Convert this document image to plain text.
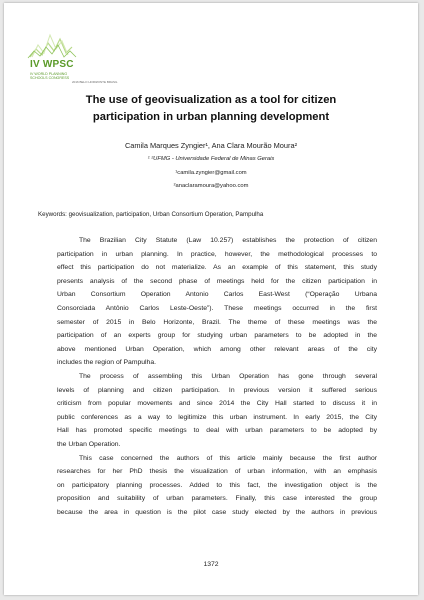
IV WPSC
IV WORLD PLANNING SCHOOLS CONGRESS
2016 BELO HORIZONTE BRASIL
The use of geovisualization as a tool for citizen
participation in urban planning development
Camila Marques Zyngier¹, Ana Clara Mourão Moura²
¹ ²UFMG - Universidade Federal de Minas Gerais
¹camila.zyngier@gmail.com
²anaclaramoura@yahoo.com
Keywords: geovisualization, participation, Urban Consortium Operation, Pampulha
The Brazilian City Statute (Law 10.257) establishes the protection of citizen
participation in urban planning. In practice, however, the methodological processes to
effect this participation do not materialize. As an example of this statement, this study
presents analysis of the second phase of meetings held for the citizen participation in
Urban Consortium Operation Antonio Carlos East-West (“Operação Urbana
Consorciada Antônio Carlos Leste-Oeste”). These meetings occurred in the first
semester of 2015 in Belo Horizonte, Brazil. The theme of these meetings was the
participation of an experts group for studying urban parameters to be adopted in the
above mentioned Urban Operation, which among other relevant areas of the city
includes the region of Pampulha.
The process of assembling this Urban Operation has gone through several
levels of planning and citizen participation. In previous version it suffered serious
criticism from popular movements and since 2014 the City Hall started to discuss it in
public conferences as a way to legitimize this urban instrument. In early 2015, the City
Hall has promoted specific meetings to deal with urban parameters to be adopted by
the Urban Operation.
This case concerned the authors of this article mainly because the first author
researches for her PhD thesis the visualization of urban information, with an emphasis
on participatory planning processes. Added to this fact, the investigation object is the
proposition and suitability of urban parameters. Finally, this case interested the group
because the area in question is the pilot case study elected by the authors in previous
1372
